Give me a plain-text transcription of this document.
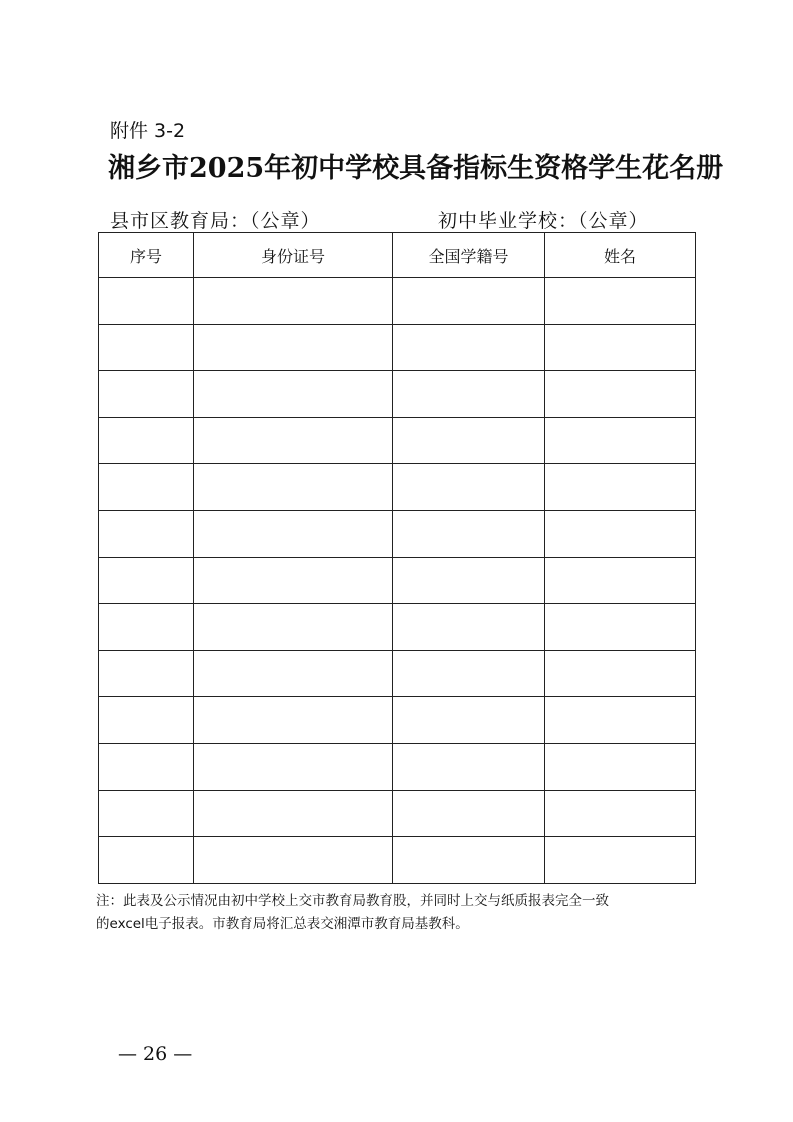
附件 3-2
湘乡市2025年初中学校具备指标生资格学生花名册
县市区教育局：（公章）	初中毕业学校：（公章）
序号	身份证号	全国学籍号	姓名

注：此表及公示情况由初中学校上交市教育局教育股，并同时上交与纸质报表完全一致
的excel电子报表。市教育局将汇总表交湘潭市教育局基教科。
— 26 —
